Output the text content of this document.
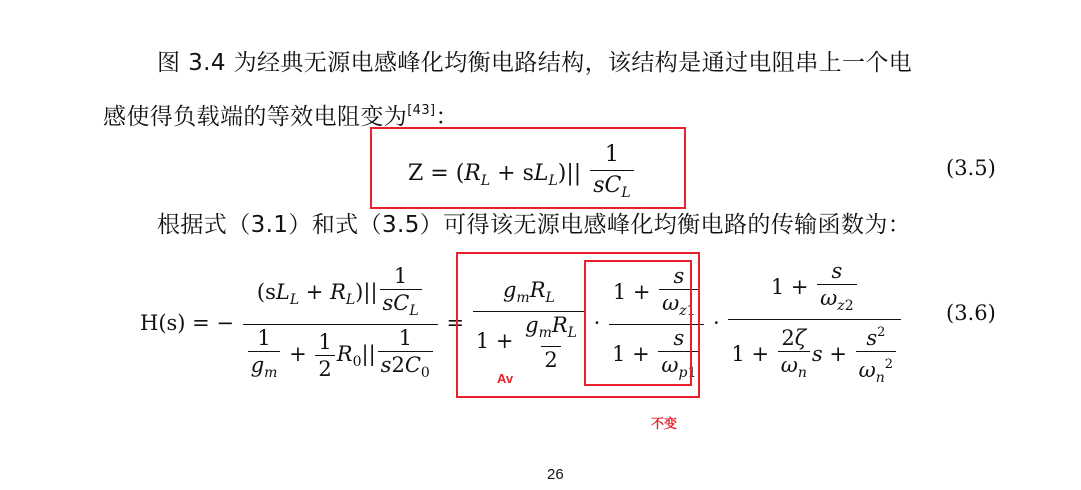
图 3.4 为经典无源电感峰化均衡电路结构，该结构是通过电阻串上一个电
感使得负载端的等效电阻变为[43]：
$Z = (R_L + sL_L)|| \frac{1}{sC_L}$	(3.5)
根据式（3.1）和式（3.5）可得该无源电感峰化均衡电路的传输函数为：
H(s) = − $\frac{(sL_L + R_L)|| \frac{1}{sC_L}}{\frac{1}{g_m} + \frac{1}{2} R_0|| \frac{1}{s2C_0}} = \frac{g_mR_L}{1 + \frac{g_mR_L}{2}} \cdot \frac{1 + \frac{s}{\omega_{z1}}}{1 + \frac{s}{\omega_{p1}}} \cdot \frac{1 + \frac{s}{\omega_{z2}}}{1 + \frac{2\zeta}{\omega_n} s + \frac{s^2}{\omega_n^2}} (3.6)$
Av
不变
26
